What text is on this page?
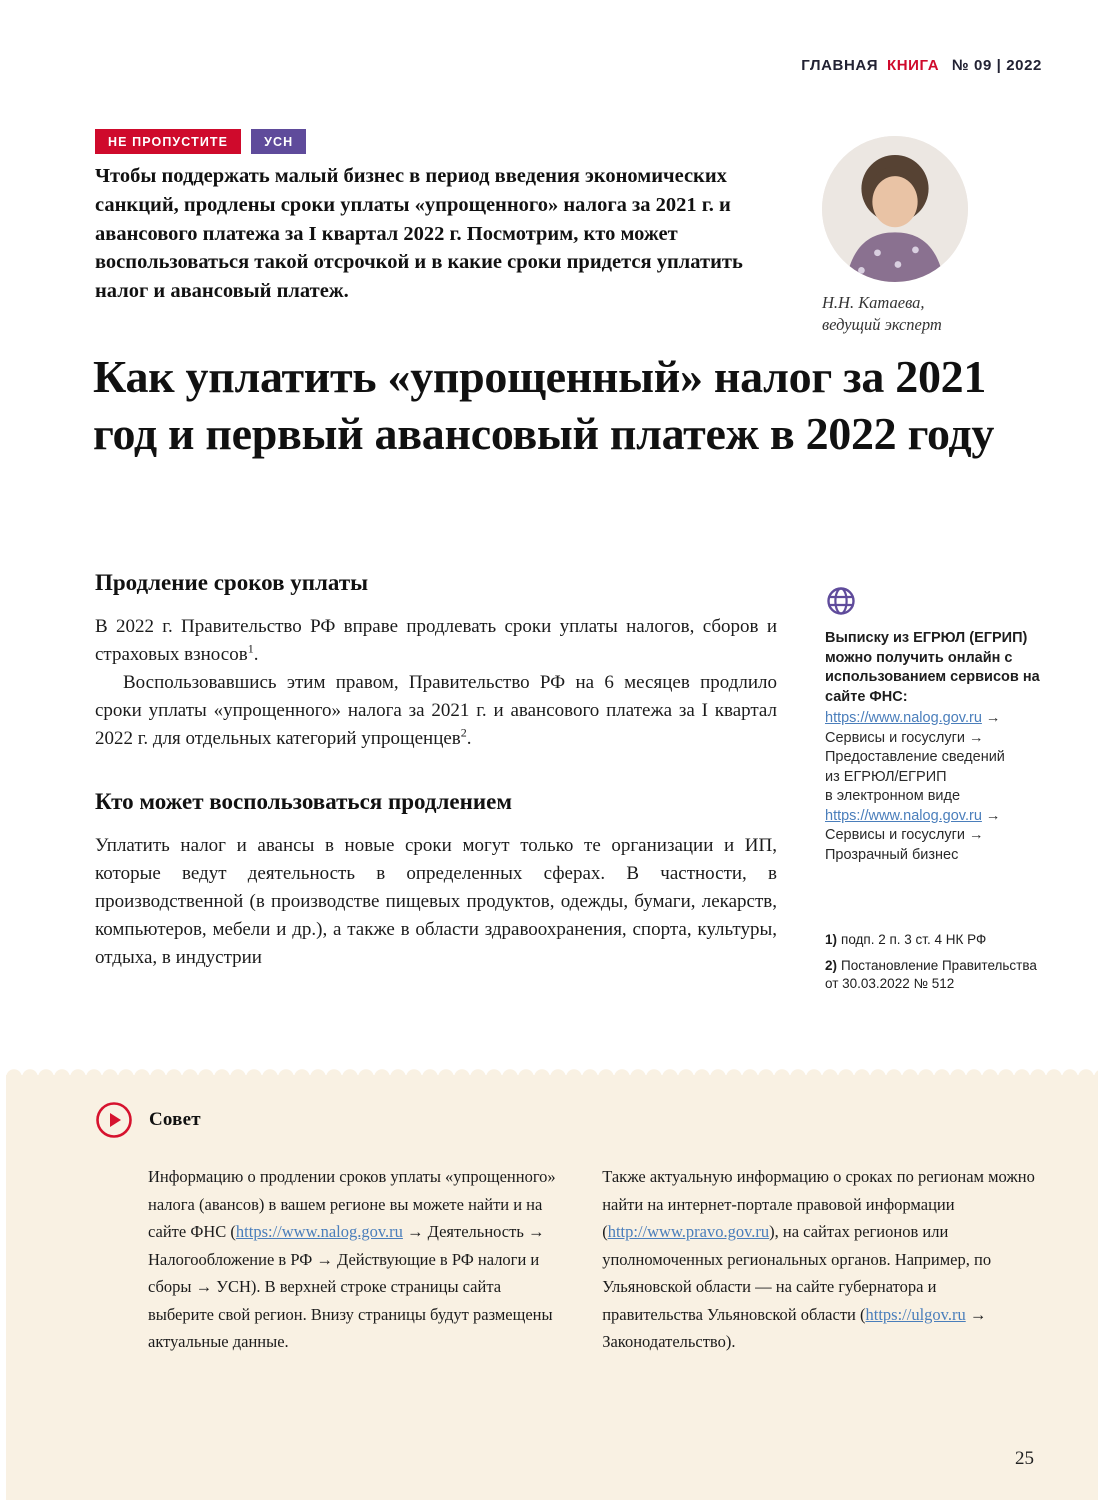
ГЛАВНАЯ КНИГА № 09 | 2022
НЕ ПРОПУСТИТЕ	УСН

Чтобы поддержать малый бизнес в период введения экономических санкций, продлены сроки уплаты «упрощенного» налога за 2021 г. и авансового платежа за I квартал 2022 г. Посмотрим, кто может воспользоваться такой отсрочкой и в какие сроки придется уплатить налог и авансовый платеж.

Н.Н. Катаева,
ведущий эксперт
Как уплатить «упрощенный» налог за 2021 год и первый авансовый платеж в 2022 году
Продление сроков уплаты

В 2022 г. Правительство РФ вправе продлевать сроки уплаты налогов, сборов и страховых взносов$^1$.

Воспользовавшись этим правом, Правительство РФ на 6 месяцев продлило сроки уплаты «упрощенного» налога за 2021 г. и авансового платежа за I квартал 2022 г. для отдельных категорий упрощенцев$^2$.

Кто может воспользоваться продлением

Уплатить налог и авансы в новые сроки могут только те организации и ИП, которые ведут деятельность в определенных сферах. В частности, в производственной (в производстве пищевых продуктов, одежды, бумаги, лекарств, компьютеров, мебели и др.), а также в области здравоохранения, спорта, культуры, отдыха, в индустрии

Выписку из ЕГРЮЛ (ЕГРИП) можно получить онлайн с использованием сервисов на сайте ФНС:
https://www.nalog.gov.ru →
Сервисы и госуслуги →
Предоставление сведений
из ЕГРЮЛ/ЕГРИП
в электронном виде
https://www.nalog.gov.ru →
Сервисы и госуслуги →
Прозрачный бизнес
1) подп. 2 п. 3 ст. 4 НК РФ
2) Постановление Правительства от 30.03.2022 № 512
Совет
Информацию о продлении сроков уплаты «упрощенного» налога (авансов) в вашем регионе вы можете найти и на сайте ФНС (https://www.nalog.gov.ru → Деятельность → Налогообложение в РФ → Действующие в РФ налоги и сборы → УСН). В верхней строке страницы сайта выберите свой регион. Внизу страницы будут размещены актуальные данные.
Также актуальную информацию о сроках по регионам можно найти на интернет-портале правовой информации (http://www.pravo.gov.ru), на сайтах регионов или уполномоченных региональных органов. Например, по Ульяновской области — на сайте губернатора и правительства Ульяновской области (https://ulgov.ru → Законодательство).
25
